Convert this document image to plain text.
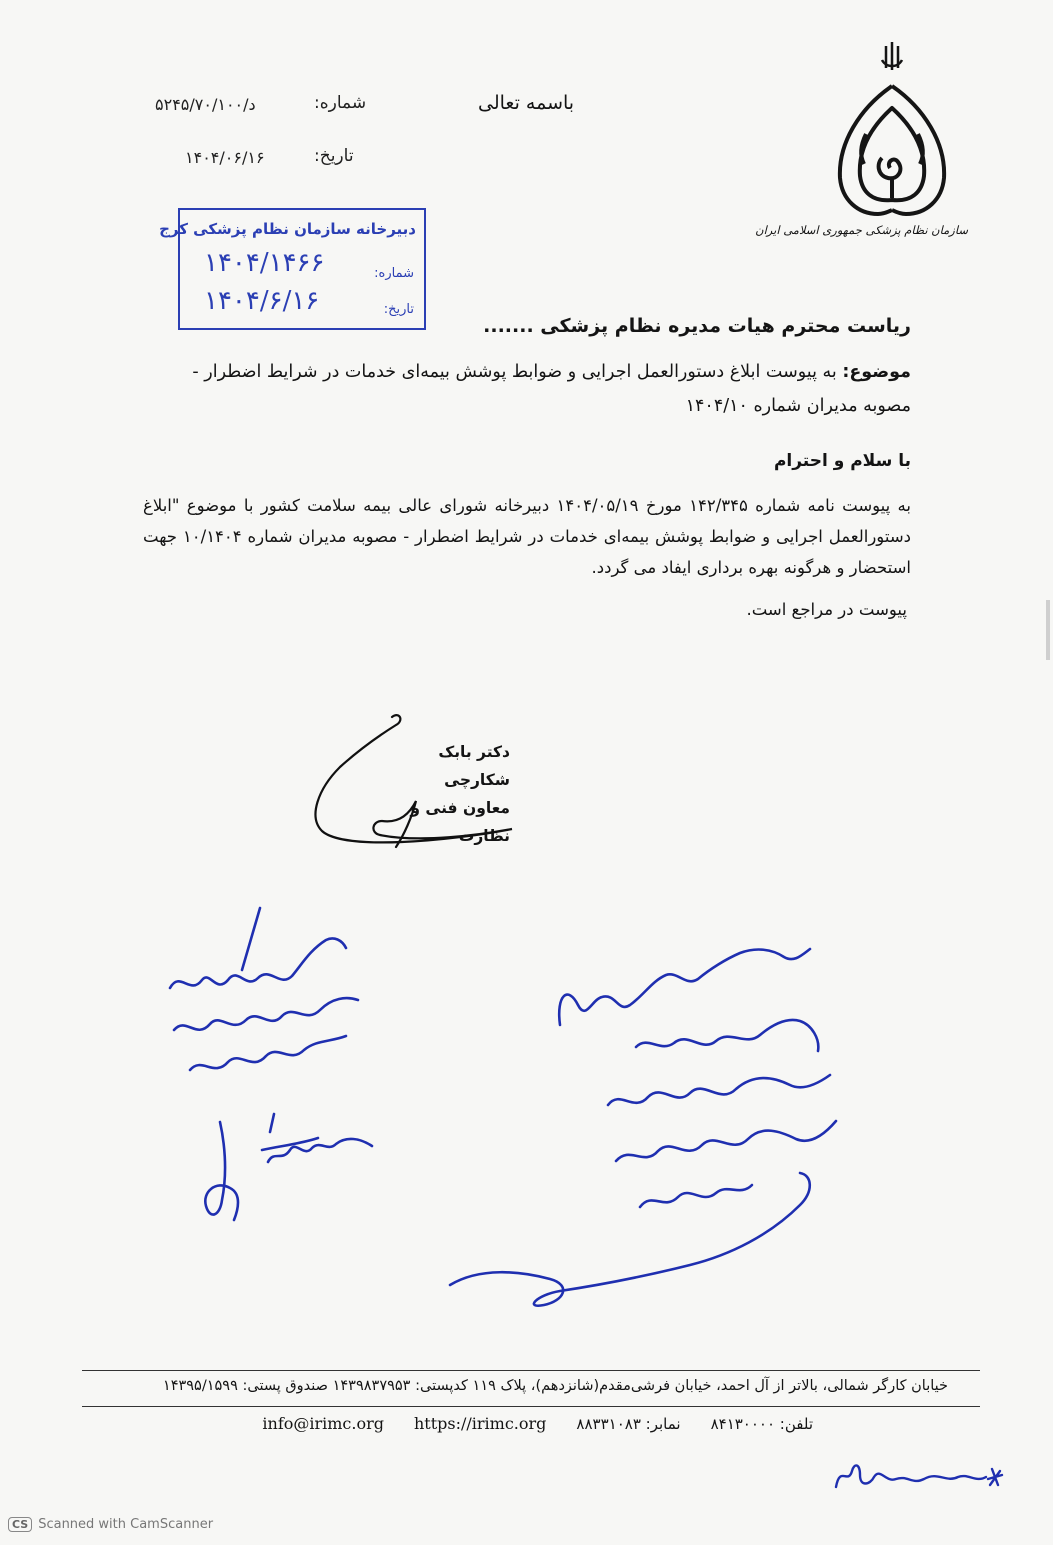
باسمه تعالی
شماره:
۵۲۴۵/۷۰/۱۰۰/د
تاریخ:
۱۴۰۴/۰۶/۱۶
سازمان نظام پزشکی جمهوری اسلامی ایران
دبیرخانه سازمان نظام پزشکی کرج
شماره:
۱۴۰۴/۱۴۶۶
تاریخ:
۱۴۰۴/۶/۱۶
ریاست محترم هیات مدیره نظام پزشکی .......
موضوع: به پیوست ابلاغ دستورالعمل اجرایی و ضوابط پوشش بیمه‌ای خدمات در شرایط اضطرار - مصوبه مدیران شماره ۱۴۰۴/۱۰
با سلام و احترام
به پیوست نامه شماره ۱۴۲/۳۴۵ مورخ ۱۴۰۴/۰۵/۱۹ دبیرخانه شورای عالی بیمه سلامت کشور با موضوع "ابلاغ دستورالعمل اجرایی و ضوابط پوشش بیمه‌ای خدمات در شرایط اضطرار - مصوبه مدیران شماره ۱۰/۱۴۰۴ جهت استحضار و هرگونه بهره برداری ایفاد می گردد.
پیوست در مراجع است.
دکتر بابک شکارچی
معاون فنی و نظارت
خیابان کارگر شمالی، بالاتر از آل احمد، خیابان فرشی‌مقدم(شانزدهم)، پلاک ۱۱۹ کدپستی: ۱۴۳۹۸۳۷۹۵۳ صندوق پستی: ۱۴۳۹۵/۱۵۹۹
تلفن: ۸۴۱۳۰۰۰۰
نمابر: ۸۸۳۳۱۰۸۳
https://irimc.org
info@irimc.org
CS Scanned with CamScanner
